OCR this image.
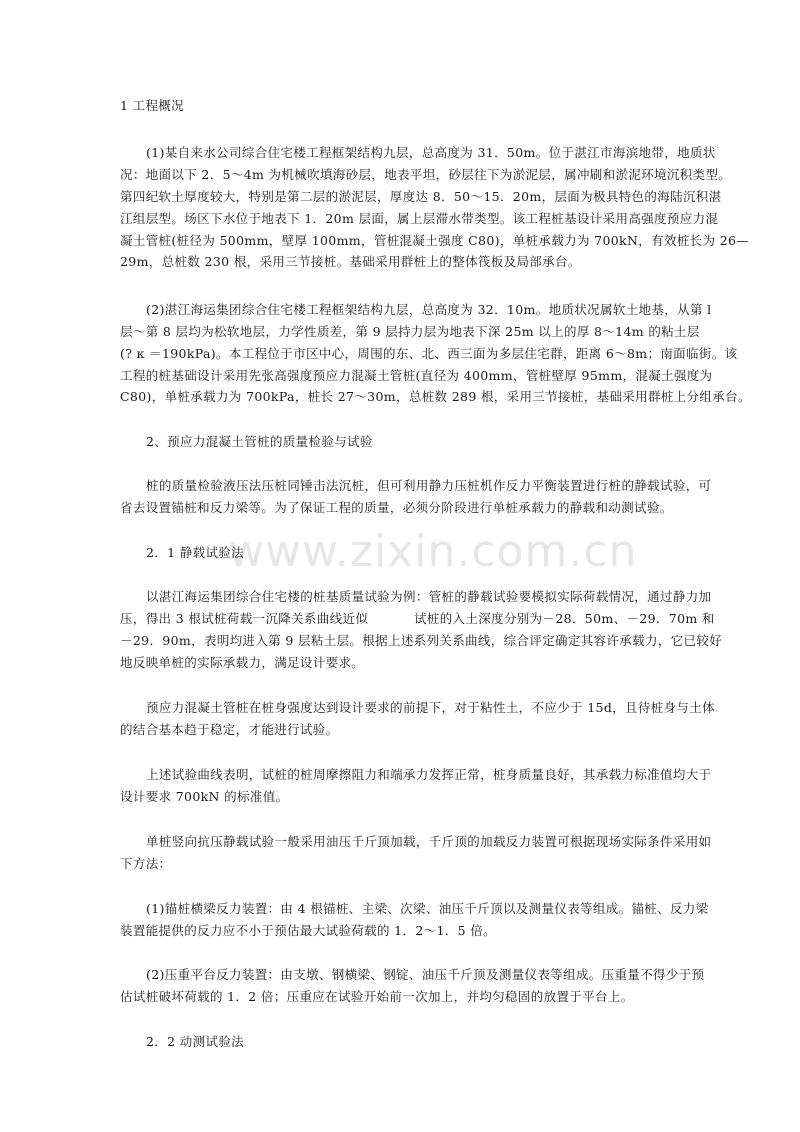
www.zixin.com.cn
1 工程概况
(1)某自来水公司综合住宅楼工程框架结构九层，总高度为 31．50m。位于湛江市海滨地带，地质状
况：地面以下 2．5～4m 为机械吹填海砂层，地表平坦，砂层往下为淤泥层，属冲刷和淤泥环境沉积类型。
第四纪软土厚度较大，特别是第二层的淤泥层，厚度达 8．50～15．20m，层面为极具特色的海陆沉积湛
江组层型。场区下水位于地表下 1．20m 层面，属上层滞水带类型。该工程桩基设计采用高强度预应力混
凝土管桩(桩径为 500mm，壁厚 100mm，管桩混凝土强度 C80)，单桩承载力为 700kN，有效桩长为 26—
29m，总桩数 230 根，采用三节接桩。基础采用群桩上的整体筏板及局部承台。
(2)湛江海运集团综合住宅楼工程框架结构九层，总高度为 32．10m。地质状况属软土地基，从第 l
层～第 8 层均为松软地层，力学性质差，第 9 层持力层为地表下深 25m 以上的厚 8～14m 的粘土层
(? κ ＝190kPa)。本工程位于市区中心，周围的东、北、西三面为多层住宅群，距离 6～8m；南面临街。该
工程的桩基础设计采用先张高强度预应力混凝土管桩(直径为 400mm，管桩壁厚 95mm，混凝土强度为
C80)，单桩承载力为 700kPa，桩长 27～30m，总桩数 289 根，采用三节接桩，基础采用群桩上分组承台。
2、预应力混凝土管桩的质量检验与试验
桩的质量检验液压法压桩同锤击法沉桩，但可利用静力压桩机作反力平衡装置进行桩的静载试验，可
省去设置锚桩和反力梁等。为了保证工程的质量，必须分阶段进行单桩承载力的静载和动测试验。
2．1 静载试验法
以湛江海运集团综合住宅楼的桩基质量试验为例：管桩的静载试验要模拟实际荷载情况，通过静力加
压，得出 3 根试桩荷载一沉降关系曲线近似	试桩的入土深度分别为－28．50m、－29．70m 和
－29．90m，表明均进入第 9 层粘土层。根据上述系列关系曲线，综合评定确定其容许承载力，它已较好
地反映单桩的实际承载力，满足设计要求。
预应力混凝土管桩在桩身强度达到设计要求的前提下，对于粘性土，不应少于 15d，且待桩身与土体
的结合基本趋于稳定，才能进行试验。
上述试验曲线表明，试桩的桩周摩擦阻力和端承力发挥正常，桩身质量良好，其承载力标准值均大于
设计要求 700kN 的标准值。
单桩竖向抗压静载试验一般采用油压千斤顶加载，千斤顶的加载反力装置可根据现场实际条件采用如
下方法：
(1)锚桩横梁反力装置：由 4 根锚桩、主梁、次梁、油压千斤顶以及测量仪表等组成。锚桩、反力梁
装置能提供的反力应不小于预估最大试验荷载的 1．2～1．5 倍。
(2)压重平台反力装置：由支墩、钢横梁、钢锭、油压千斤顶及测量仪表等组成。压重量不得少于预
估试桩破坏荷载的 1．2 倍；压重应在试验开始前一次加上，并均匀稳固的放置于平台上。
2．2 动测试验法
